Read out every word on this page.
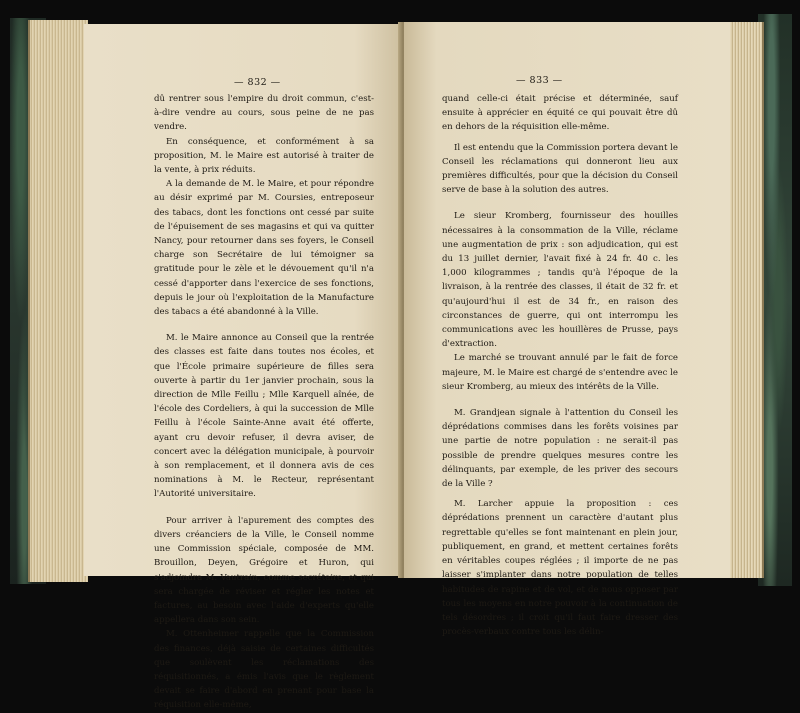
— 832 —

dû rentrer sous l'empire du droit commun, c'est-à-dire vendre au cours, sous peine de ne pas vendre.

En conséquence, et conformément à sa proposition, M. le Maire est autorisé à traiter de la vente, à prix réduits.

A la demande de M. le Maire, et pour répondre au désir exprimé par M. Coursies, entreposeur des tabacs, dont les fonctions ont cessé par suite de l'épuisement de ses magasins et qui va quitter Nancy, pour retourner dans ses foyers, le Conseil charge son Secrétaire de lui témoigner sa gratitude pour le zèle et le dévouement qu'il n'a cessé d'apporter dans l'exercice de ses fonctions, depuis le jour où l'exploitation de la Manufacture des tabacs a été abandonné à la Ville.

M. le Maire annonce au Conseil que la rentrée des classes est faite dans toutes nos écoles, et que l'École primaire supérieure de filles sera ouverte à partir du 1er janvier prochain, sous la direction de Mlle Feillu ; Mlle Karquell aînée, de l'école des Cordeliers, à qui la succession de Mlle Feillu à l'école Sainte-Anne avait été offerte, ayant cru devoir refuser, il devra aviser, de concert avec la délégation municipale, à pourvoir à son remplacement, et il donnera avis de ces nominations à M. le Recteur, représentant l'Autorité universitaire.

Pour arriver à l'apurement des comptes des divers créanciers de la Ville, le Conseil nomme une Commission spéciale, composée de MM. Brouillon, Deyen, Grégoire et Huron, qui s'adjoindra M. Vautrain, comme secrétaire, et qui sera chargée de réviser et régler les notes et factures, au besoin avec l'aide d'experts qu'elle appellera dans son sein.

M. Ottenheimer rappelle que la Commission des finances, déjà saisie de certaines difficultés que soulèvent les réclamations des réquisitionnés, a émis l'avis que le règlement devait se faire d'abord en prenant pour base la réquisition elle-même,

— 833 —

quand celle-ci était précise et déterminée, sauf ensuite à apprécier en équité ce qui pouvait être dû en dehors de la réquisition elle-même.

Il est entendu que la Commission portera devant le Conseil les réclamations qui donneront lieu aux premières difficultés, pour que la décision du Conseil serve de base à la solution des autres.

Le sieur Kromberg, fournisseur des houilles nécessaires à la consommation de la Ville, réclame une augmentation de prix : son adjudication, qui est du 13 juillet dernier, l'avait fixé à 24 fr. 40 c. les 1,000 kilogrammes ; tandis qu'à l'époque de la livraison, à la rentrée des classes, il était de 32 fr. et qu'aujourd'hui il est de 34 fr., en raison des circonstances de guerre, qui ont interrompu les communications avec les houillères de Prusse, pays d'extraction.

Le marché se trouvant annulé par le fait de force majeure, M. le Maire est chargé de s'entendre avec le sieur Kromberg, au mieux des intérêts de la Ville.

M. Grandjean signale à l'attention du Conseil les déprédations commises dans les forêts voisines par une partie de notre population : ne serait-il pas possible de prendre quelques mesures contre les délinquants, par exemple, de les priver des secours de la Ville ?

M. Larcher appuie la proposition : ces déprédations prennent un caractère d'autant plus regrettable qu'elles se font maintenant en plein jour, publiquement, en grand, et mettent certaines forêts en véritables coupes réglées ; il importe de ne pas laisser s'implanter dans notre population de telles habitudes de rapine et de vol, et de nous opposer par tous les moyens en notre pouvoir à la continuation de tels désordres ; il croit qu'il faut faire dresser des procès-verbaux contre tous les délin-
